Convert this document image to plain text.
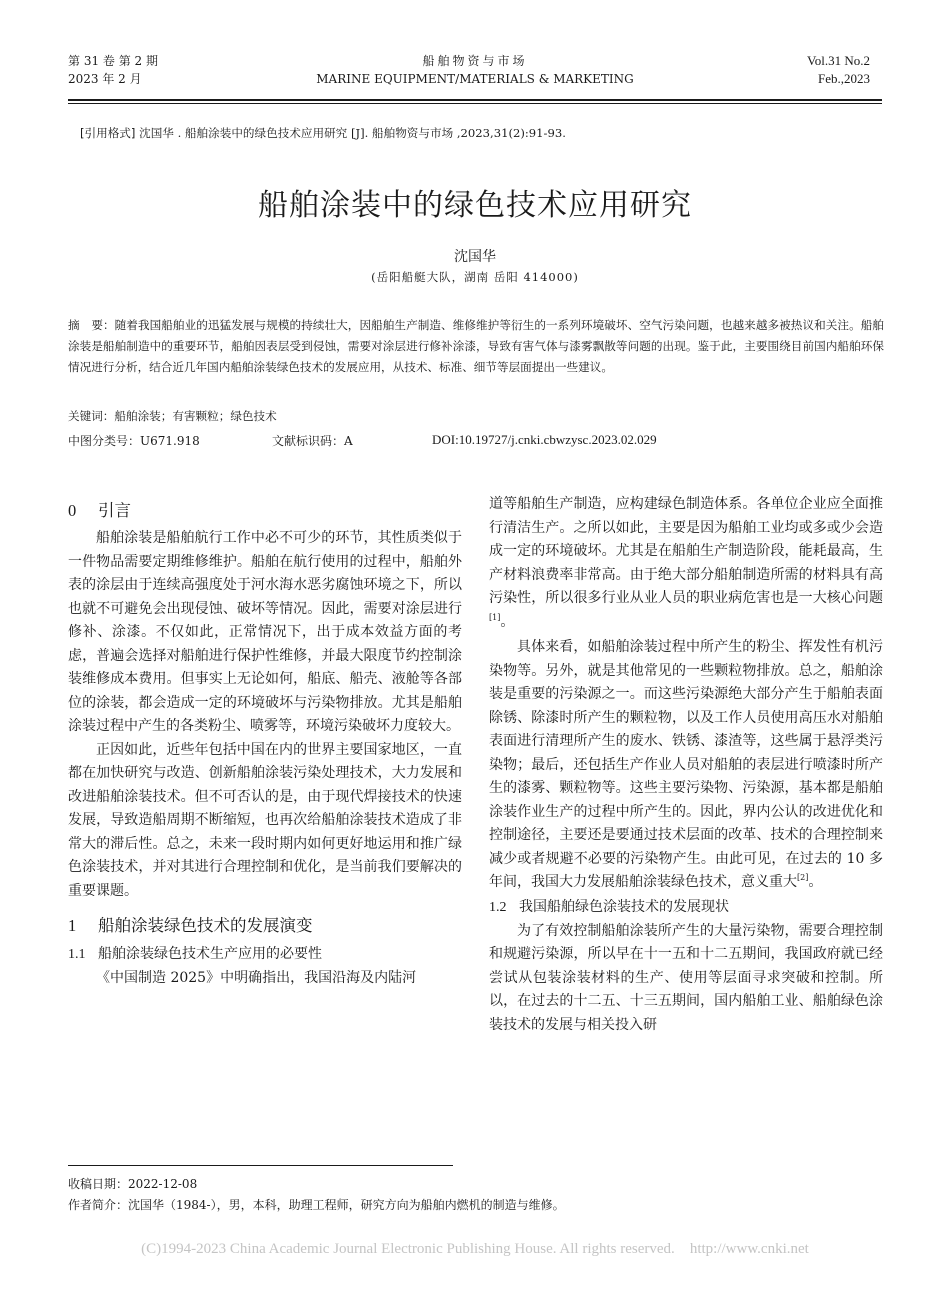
第 31 卷 第 2 期
2023 年 2 月
船舶物资与市场
MARINE EQUIPMENT/MATERIALS & MARKETING
Vol.31 No.2
Feb.,2023
[引用格式] 沈国华 . 船舶涂装中的绿色技术应用研究 [J]. 船舶物资与市场 ,2023,31(2):91-93.
船舶涂装中的绿色技术应用研究
沈国华
(岳阳船艇大队，湖南 岳阳 414000)
摘　要：随着我国船舶业的迅猛发展与规模的持续壮大，因船舶生产制造、维修维护等衍生的一系列环境破坏、空气污染问题，也越来越多被热议和关注。船舶涂装是船舶制造中的重要环节，船舶因表层受到侵蚀，需要对涂层进行修补涂漆，导致有害气体与漆雾飘散等问题的出现。鉴于此，主要围绕目前国内船舶环保情况进行分析，结合近几年国内船舶涂装绿色技术的发展应用，从技术、标准、细节等层面提出一些建议。
关键词：船舶涂装；有害颗粒；绿色技术
中图分类号：U671.918	文献标识码：A	DOI:10.19727/j.cnki.cbwzysc.2023.02.029
0 引言

船舶涂装是船舶航行工作中必不可少的环节，其性质类似于一件物品需要定期维修维护。船舶在航行使用的过程中，船舶外表的涂层由于连续高强度处于河水海水恶劣腐蚀环境之下，所以也就不可避免会出现侵蚀、破坏等情况。因此，需要对涂层进行修补、涂漆。不仅如此，正常情况下，出于成本效益方面的考虑，普遍会选择对船舶进行保护性维修，并最大限度节约控制涂装维修成本费用。但事实上无论如何，船底、船壳、液舱等各部位的涂装，都会造成一定的环境破坏与污染物排放。尤其是船舶涂装过程中产生的各类粉尘、喷雾等，环境污染破坏力度较大。

正因如此，近些年包括中国在内的世界主要国家地区，一直都在加快研究与改造、创新船舶涂装污染处理技术，大力发展和改进船舶涂装技术。但不可否认的是，由于现代焊接技术的快速发展，导致造船周期不断缩短，也再次给船舶涂装技术造成了非常大的滞后性。总之，未来一段时期内如何更好地运用和推广绿色涂装技术，并对其进行合理控制和优化，是当前我们要解决的重要课题。

1 船舶涂装绿色技术的发展演变
1.1 船舶涂装绿色技术生产应用的必要性

《中国制造 2025》中明确指出，我国沿海及内陆河

道等船舶生产制造，应构建绿色制造体系。各单位企业应全面推行清洁生产。之所以如此，主要是因为船舶工业均或多或少会造成一定的环境破坏。尤其是在船舶生产制造阶段，能耗最高，生产材料浪费率非常高。由于绝大部分船舶制造所需的材料具有高污染性，所以很多行业从业人员的职业病危害也是一大核心问题[1]。

具体来看，如船舶涂装过程中所产生的粉尘、挥发性有机污染物等。另外，就是其他常见的一些颗粒物排放。总之，船舶涂装是重要的污染源之一。而这些污染源绝大部分产生于船舶表面除锈、除漆时所产生的颗粒物，以及工作人员使用高压水对船舶表面进行清理所产生的废水、铁锈、漆渣等，这些属于悬浮类污染物；最后，还包括生产作业人员对船舶的表层进行喷漆时所产生的漆雾、颗粒物等。这些主要污染物、污染源，基本都是船舶涂装作业生产的过程中所产生的。因此，界内公认的改进优化和控制途径，主要还是要通过技术层面的改革、技术的合理控制来减少或者规避不必要的污染物产生。由此可见，在过去的 10 多年间，我国大力发展船舶涂装绿色技术，意义重大[2]。

1.2 我国船舶绿色涂装技术的发展现状

为了有效控制船舶涂装所产生的大量污染物，需要合理控制和规避污染源，所以早在十一五和十二五期间，我国政府就已经尝试从包装涂装材料的生产、使用等层面寻求突破和控制。所以，在过去的十二五、十三五期间，国内船舶工业、船舶绿色涂装技术的发展与相关投入研

收稿日期：2022-12-08
作者简介：沈国华（1984-），男，本科，助理工程师，研究方向为船舶内燃机的制造与维修。
(C)1994-2023 China Academic Journal Electronic Publishing House. All rights reserved. http://www.cnki.net
